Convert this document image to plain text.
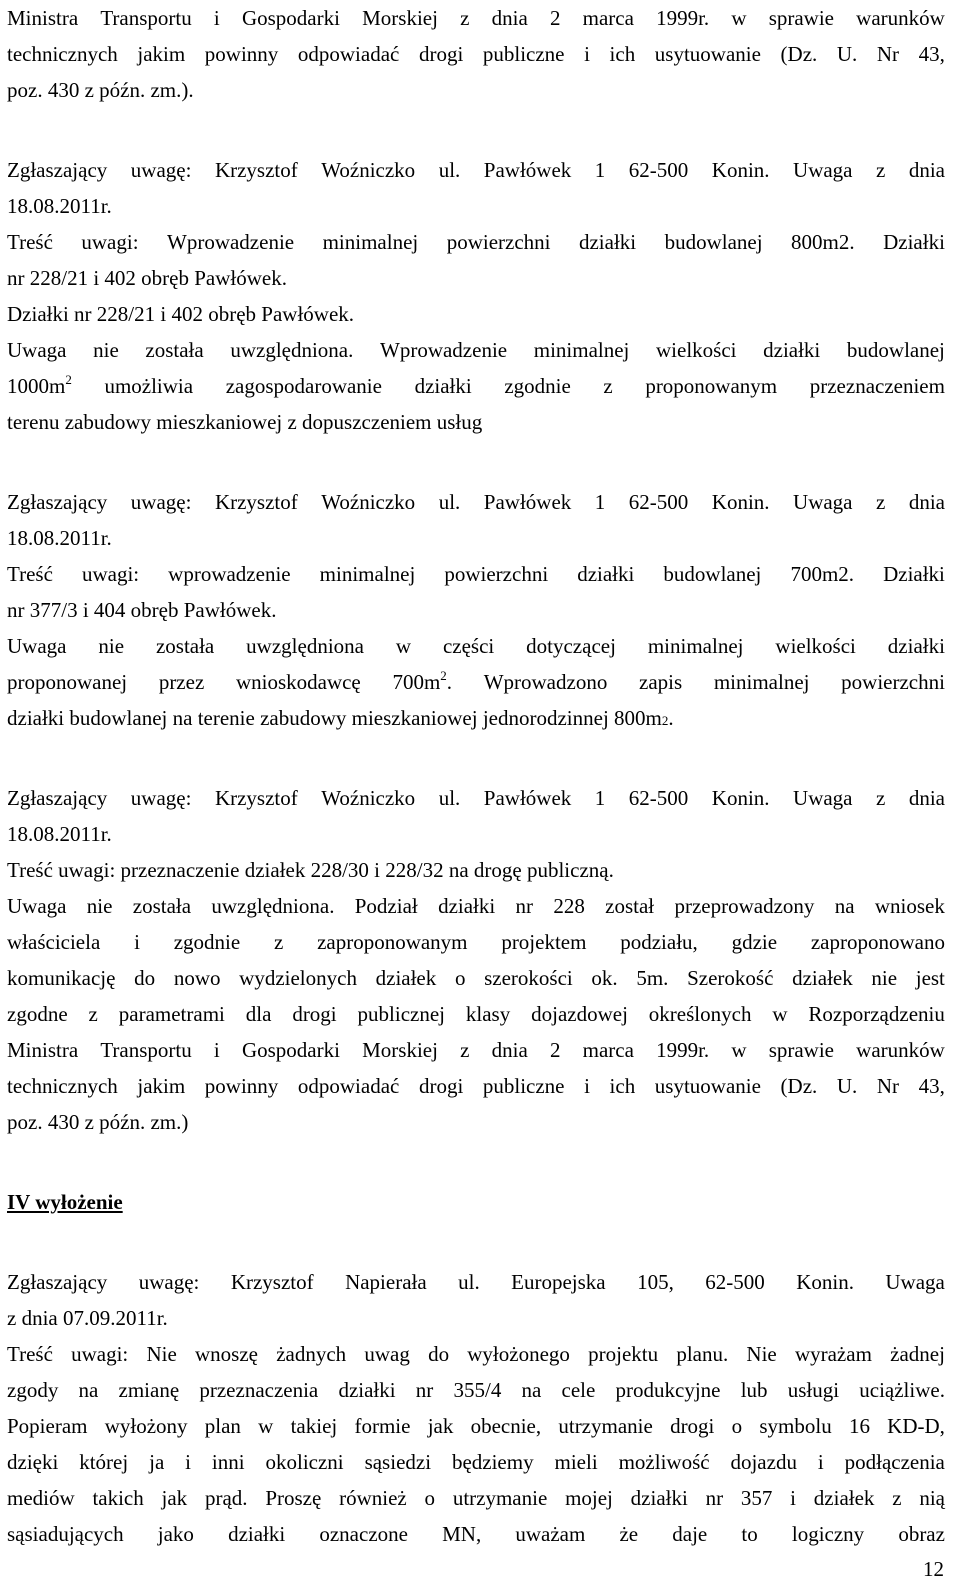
Ministra Transportu i Gospodarki Morskiej z dnia 2 marca 1999r. w sprawie warunków
technicznych jakim powinny odpowiadać drogi publiczne i ich usytuowanie (Dz. U. Nr 43,
poz. 430 z późn. zm.).
Zgłaszający uwagę: Krzysztof Woźniczko ul. Pawłówek 1 62-500 Konin. Uwaga z dnia
18.08.2011r.
Treść uwagi: Wprowadzenie minimalnej powierzchni działki budowlanej 800m2. Działki
nr 228/21 i 402 obręb Pawłówek.
Działki nr 228/21 i 402 obręb Pawłówek.
Uwaga nie została uwzględniona. Wprowadzenie minimalnej wielkości działki budowlanej
$1000m^2$ umożliwia zagospodarowanie działki zgodnie z proponowanym przeznaczeniem
terenu zabudowy mieszkaniowej z dopuszczeniem usług
Zgłaszający uwagę: Krzysztof Woźniczko ul. Pawłówek 1 62-500 Konin. Uwaga z dnia
18.08.2011r.
Treść uwagi: wprowadzenie minimalnej powierzchni działki budowlanej 700m2. Działki
nr 377/3 i 404 obręb Pawłówek.
Uwaga nie została uwzględniona w części dotyczącej minimalnej wielkości działki
proponowanej przez wnioskodawcę $700m^2$. Wprowadzono zapis minimalnej powierzchni
działki budowlanej na terenie zabudowy mieszkaniowej jednorodzinnej 800m 2 .
Zgłaszający uwagę: Krzysztof Woźniczko ul. Pawłówek 1 62-500 Konin. Uwaga z dnia
18.08.2011r.
Treść uwagi: przeznaczenie działek 228/30 i 228/32 na drogę publiczną.
Uwaga nie została uwzględniona. Podział działki nr 228 został przeprowadzony na wniosek
właściciela i zgodnie z zaproponowanym projektem podziału, gdzie zaproponowano
komunikację do nowo wydzielonych działek o szerokości ok. 5m. Szerokość działek nie jest
zgodne z parametrami dla drogi publicznej klasy dojazdowej określonych w Rozporządzeniu
Ministra Transportu i Gospodarki Morskiej z dnia 2 marca 1999r. w sprawie warunków
technicznych jakim powinny odpowiadać drogi publiczne i ich usytuowanie (Dz. U. Nr 43,
poz. 430 z późn. zm.)
IV wyłożenie
Zgłaszający uwagę: Krzysztof Napierała ul. Europejska 105, 62-500 Konin. Uwaga
z dnia 07.09.2011r.
Treść uwagi: Nie wnoszę żadnych uwag do wyłożonego projektu planu. Nie wyrażam żadnej
zgody na zmianę przeznaczenia działki nr 355/4 na cele produkcyjne lub usługi uciążliwe.
Popieram wyłożony plan w takiej formie jak obecnie, utrzymanie drogi o symbolu 16 KD-D,
dzięki której ja i inni okoliczni sąsiedzi będziemy mieli możliwość dojazdu i podłączenia
mediów takich jak prąd. Proszę również o utrzymanie mojej działki nr 357 i działek z nią
sąsiadujących jako działki oznaczone MN, uważam że daje to logiczny obraz
12
